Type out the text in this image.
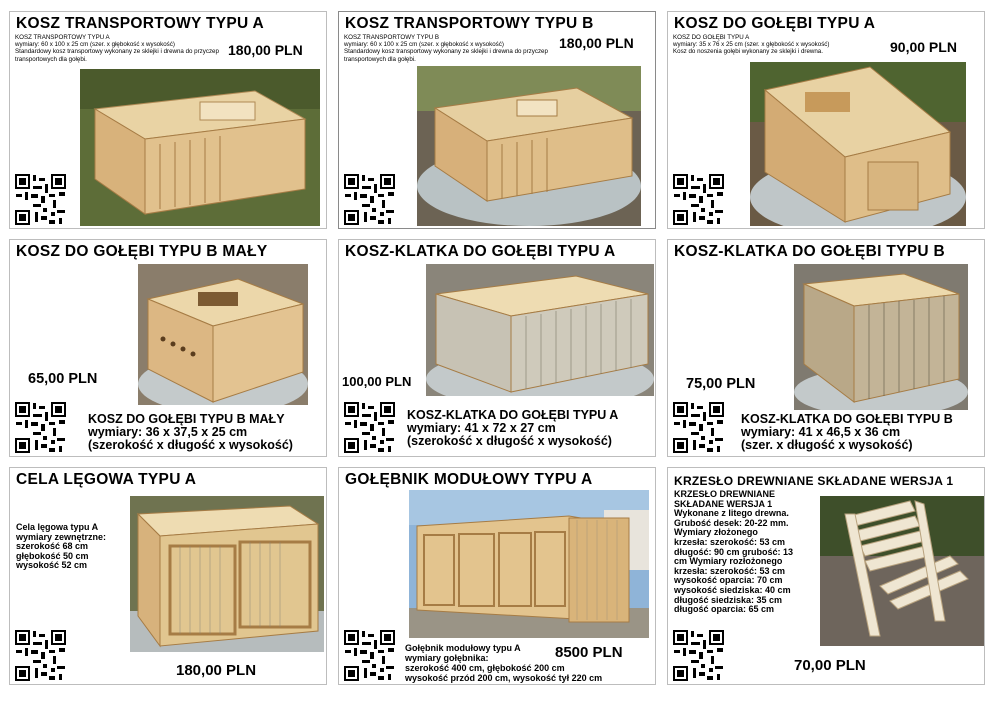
KOSZ TRANSPORTOWY TYPU A
KOSZ TRANSPORTOWY TYPU A
wymiary: 60 x 100 x 25 cm (szer. x głębokość x wysokość)
Standardowy kosz transportowy wykonany ze sklejki i drewna do przyczep transportowych dla gołębi.
180,00 PLN
KOSZ TRANSPORTOWY TYPU B
KOSZ TRANSPORTOWY TYPU B
wymiary: 60 x 100 x 25 cm (szer. x głębokość x wysokość)
Standardowy kosz transportowy wykonany ze sklejki i drewna do przyczep transportowych dla gołębi.
180,00 PLN
KOSZ DO GOŁĘBI TYPU A
KOSZ DO GOŁĘBI TYPU A
wymiary: 35 x 76 x 25 cm (szer. x głębokość x wysokość)
Kosz do noszenia gołębi wykonany ze sklejki i drewna.	90,00 PLN
KOSZ DO GOŁĘBI TYPU B MAŁY
65,00 PLN
KOSZ DO GOŁĘBI TYPU B MAŁY
wymiary: 36 x 37,5 x 25 cm
(szerokość x długość x wysokość)
KOSZ-KLATKA DO GOŁĘBI TYPU A
100,00 PLN
KOSZ-KLATKA DO GOŁĘBI TYPU A
wymiary: 41 x 72 x 27 cm
(szerokość x długość x wysokość)
KOSZ-KLATKA DO GOŁĘBI TYPU B
75,00 PLN
KOSZ-KLATKA DO GOŁĘBI TYPU B
wymiary: 41 x 46,5 x 36 cm
(szer. x długość x wysokość)
CELA LĘGOWA TYPU A
Cela lęgowa typu A
wymiary zewnętrzne:
szerokość 68 cm
głębokość 50 cm
wysokość 52 cm
180,00 PLN
GOŁĘBNIK MODUŁOWY TYPU A
8500 PLN
Gołębnik modułowy typu A
wymiary gołębnika:
szerokość 400 cm, głębokość 200 cm
wysokość przód 200 cm, wysokość tył 220 cm
KRZESŁO DREWNIANE SKŁADANE WERSJA 1
KRZESŁO DREWNIANE
SKŁADANE WERSJA 1
Wykonane z litego drewna.
Grubość desek: 20-22 mm.
Wymiary złożonego
krzesła: szerokość: 53 cm
długość: 90 cm grubość: 13
cm Wymiary rozłożonego
krzesła: szerokość: 53 cm
wysokość oparcia: 70 cm
wysokość siedziska: 40 cm
długość siedziska: 35 cm
długość oparcia: 65 cm
70,00 PLN
